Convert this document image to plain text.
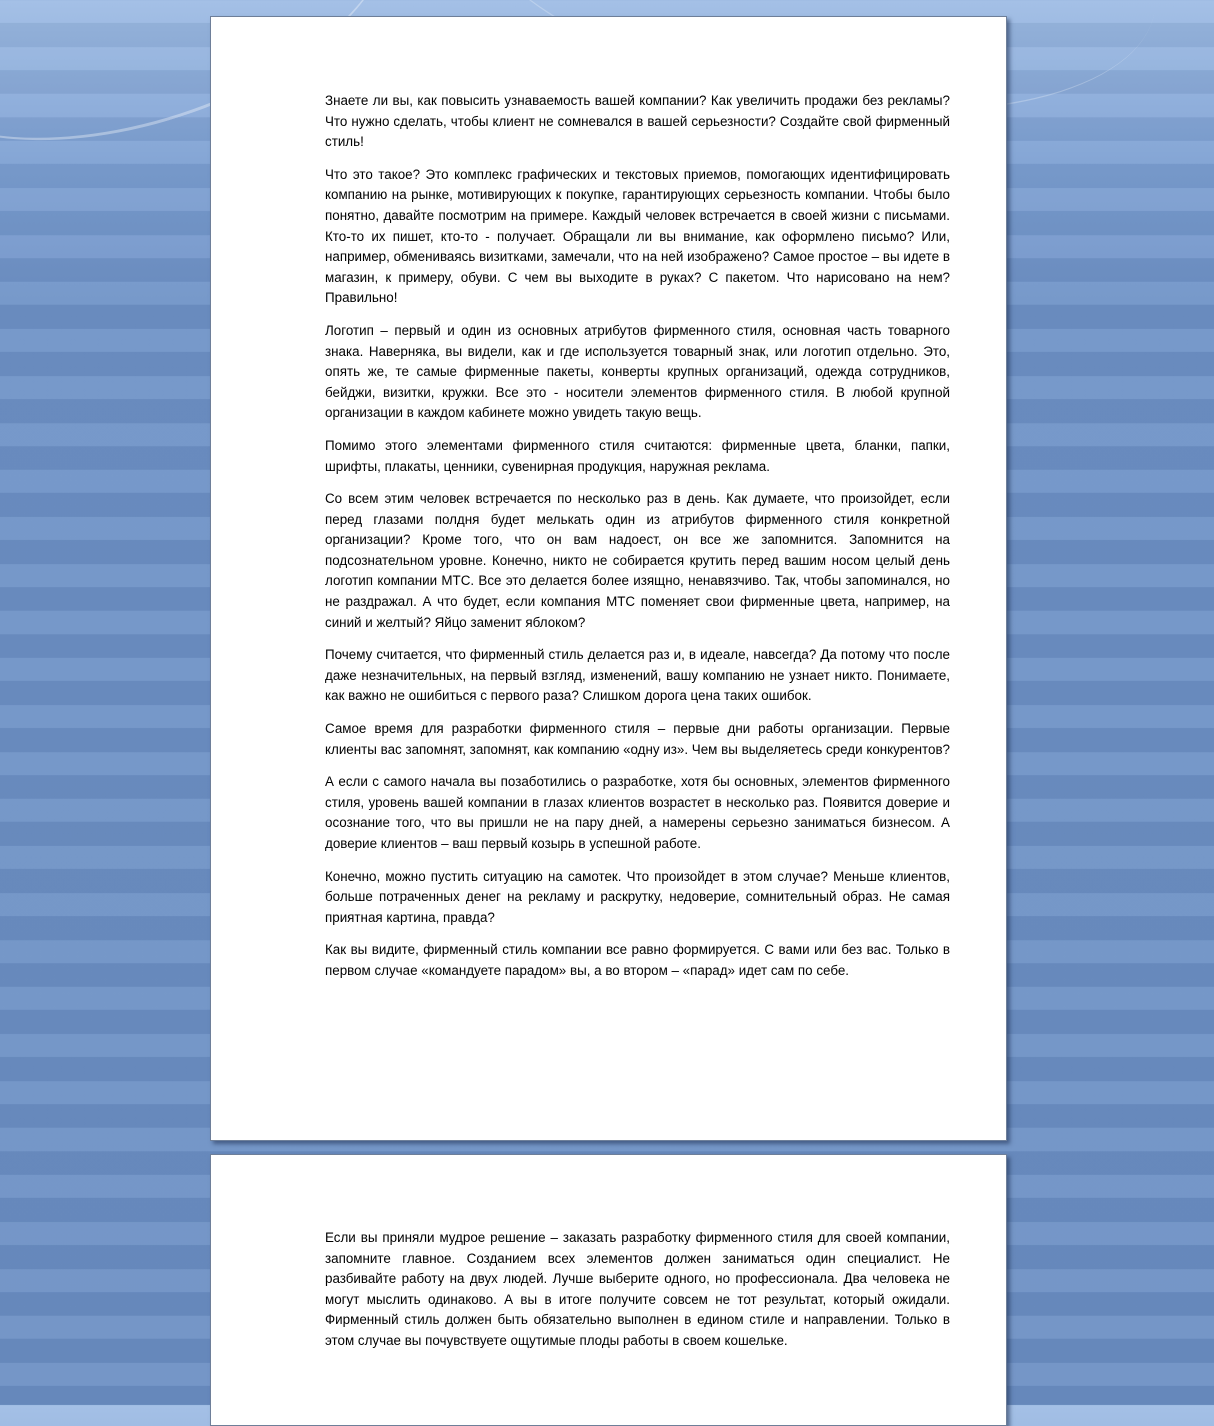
Знаете ли вы, как повысить узнаваемость вашей компании? Как увеличить продажи без рекламы? Что нужно сделать, чтобы клиент не сомневался в вашей серьезности? Создайте свой фирменный стиль!

Что это такое? Это комплекс графических и текстовых приемов, помогающих идентифицировать компанию на рынке, мотивирующих к покупке, гарантирующих серьезность компании. Чтобы было понятно, давайте посмотрим на примере. Каждый человек встречается в своей жизни с письмами. Кто-то их пишет, кто-то - получает. Обращали ли вы внимание, как оформлено письмо? Или, например, обмениваясь визитками, замечали, что на ней изображено? Самое простое – вы идете в магазин, к примеру, обуви. С чем вы выходите в руках? С пакетом. Что нарисовано на нем? Правильно!

Логотип – первый и один из основных атрибутов фирменного стиля, основная часть товарного знака. Наверняка, вы видели, как и где используется товарный знак, или логотип отдельно. Это, опять же, те самые фирменные пакеты, конверты крупных организаций, одежда сотрудников, бейджи, визитки, кружки. Все это - носители элементов фирменного стиля. В любой крупной организации в каждом кабинете можно увидеть такую вещь.

Помимо этого элементами фирменного стиля считаются: фирменные цвета, бланки, папки, шрифты, плакаты, ценники, сувенирная продукция, наружная реклама.

Со всем этим человек встречается по несколько раз в день. Как думаете, что произойдет, если перед глазами полдня будет мелькать один из атрибутов фирменного стиля конкретной организации? Кроме того, что он вам надоест, он все же запомнится. Запомнится на подсознательном уровне. Конечно, никто не собирается крутить перед вашим носом целый день логотип компании МТС. Все это делается более изящно, ненавязчиво. Так, чтобы запоминался, но не раздражал. А что будет, если компания МТС поменяет свои фирменные цвета, например, на синий и желтый? Яйцо заменит яблоком?

Почему считается, что фирменный стиль делается раз и, в идеале, навсегда? Да потому что после даже незначительных, на первый взгляд, изменений, вашу компанию не узнает никто. Понимаете, как важно не ошибиться с первого раза? Слишком дорога цена таких ошибок.

Самое время для разработки фирменного стиля – первые дни работы организации. Первые клиенты вас запомнят, запомнят, как компанию «одну из». Чем вы выделяетесь среди конкурентов?

А если с самого начала вы позаботились о разработке, хотя бы основных, элементов фирменного стиля, уровень вашей компании в глазах клиентов возрастет в несколько раз. Появится доверие и осознание того, что вы пришли не на пару дней, а намерены серьезно заниматься бизнесом. А доверие клиентов – ваш первый козырь в успешной работе.

Конечно, можно пустить ситуацию на самотек. Что произойдет в этом случае? Меньше клиентов, больше потраченных денег на рекламу и раскрутку, недоверие, сомнительный образ. Не самая приятная картина, правда?

Как вы видите, фирменный стиль компании все равно формируется. С вами или без вас. Только в первом случае «командуете парадом» вы, а во втором – «парад» идет сам по себе.

Если вы приняли мудрое решение – заказать разработку фирменного стиля для своей компании, запомните главное. Созданием всех элементов должен заниматься один специалист. Не разбивайте работу на двух людей. Лучше выберите одного, но профессионала. Два человека не могут мыслить одинаково. А вы в итоге получите совсем не тот результат, который ожидали. Фирменный стиль должен быть обязательно выполнен в едином стиле и направлении. Только в этом случае вы почувствуете ощутимые плоды работы в своем кошельке.
